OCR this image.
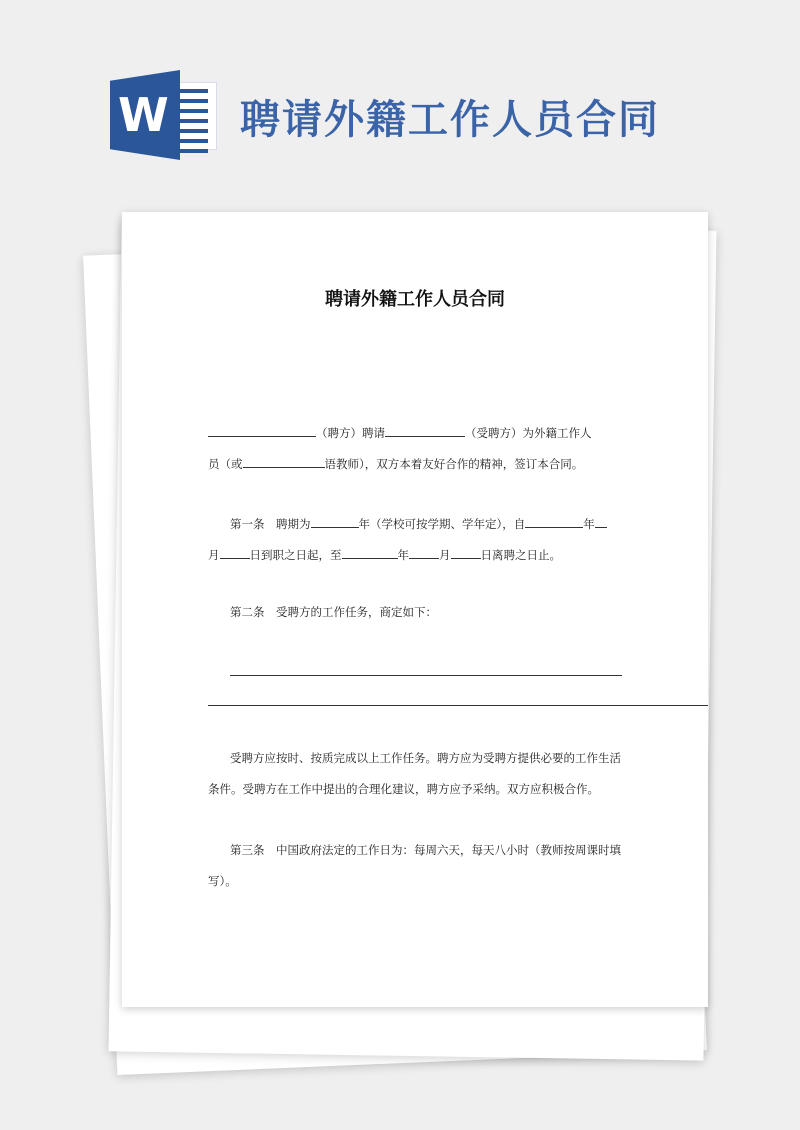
W 聘请外籍工作人员合同
聘请外籍工作人员合同

（聘方）聘请	（受聘方）为外籍工作人

员（或	语教师），双方本着友好合作的精神，签订本合同。

第一条　聘期为	年（学校可按学期、学年定），自	年

月	日到职之日起，至	年	月	日离聘之日止。

第二条　受聘方的工作任务，商定如下：

受聘方应按时、按质完成以上工作任务。聘方应为受聘方提供必要的工作生活

条件。受聘方在工作中提出的合理化建议，聘方应予采纳。双方应积极合作。

第三条　中国政府法定的工作日为：每周六天，每天八小时（教师按周课时填

写）。
